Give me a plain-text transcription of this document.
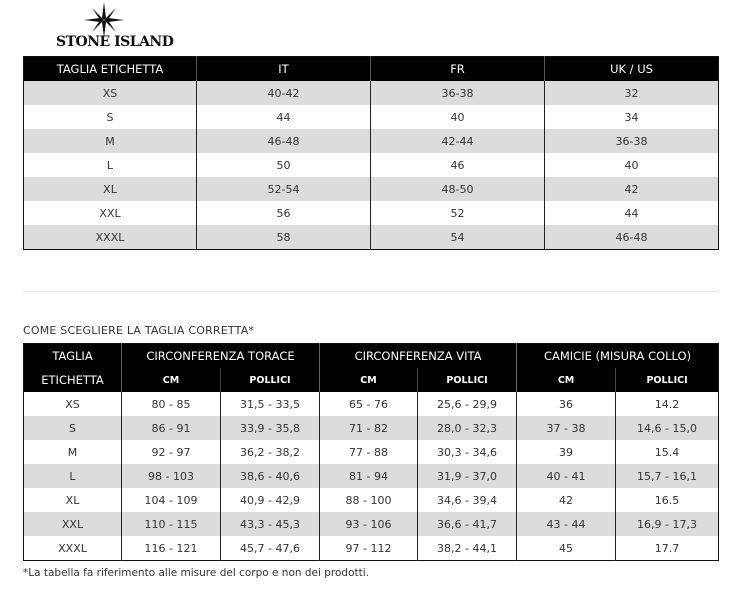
STONE ISLAND
TAGLIA ETICHETTA	IT	FR	UK / US
XS	40-42	36-38	32
S	44	40	34
M	46-48	42-44	36-38
L	50	46	40
XL	52-54	48-50	42
XXL	56	52	44
XXXL	58	54	46-48
COME SCEGLIERE LA TAGLIA CORRETTA*
TAGLIA	CIRCONFERENZA TORACE		CIRCONFERENZA VITA		CAMICIE (MISURA COLLO)	
ETICHETTA	CM	POLLICI	CM	POLLICI	CM	POLLICI
XS	80 - 85	31,5 - 33,5	65 - 76	25,6 - 29,9	36	14.2
S	86 - 91	33,9 - 35,8	71 - 82	28,0 - 32,3	37 - 38	14,6 - 15,0
M	92 - 97	36,2 - 38,2	77 - 88	30,3 - 34,6	39	15.4
L	98 - 103	38,6 - 40,6	81 - 94	31,9 - 37,0	40 - 41	15,7 - 16,1
XL	104 - 109	40,9 - 42,9	88 - 100	34,6 - 39,4	42	16.5
XXL	110 - 115	43,3 - 45,3	93 - 106	36,6 - 41,7	43 - 44	16,9 - 17,3
XXXL	116 - 121	45,7 - 47,6	97 - 112	38,2 - 44,1	45	17.7
*La tabella fa riferimento alle misure del corpo e non dei prodotti.
